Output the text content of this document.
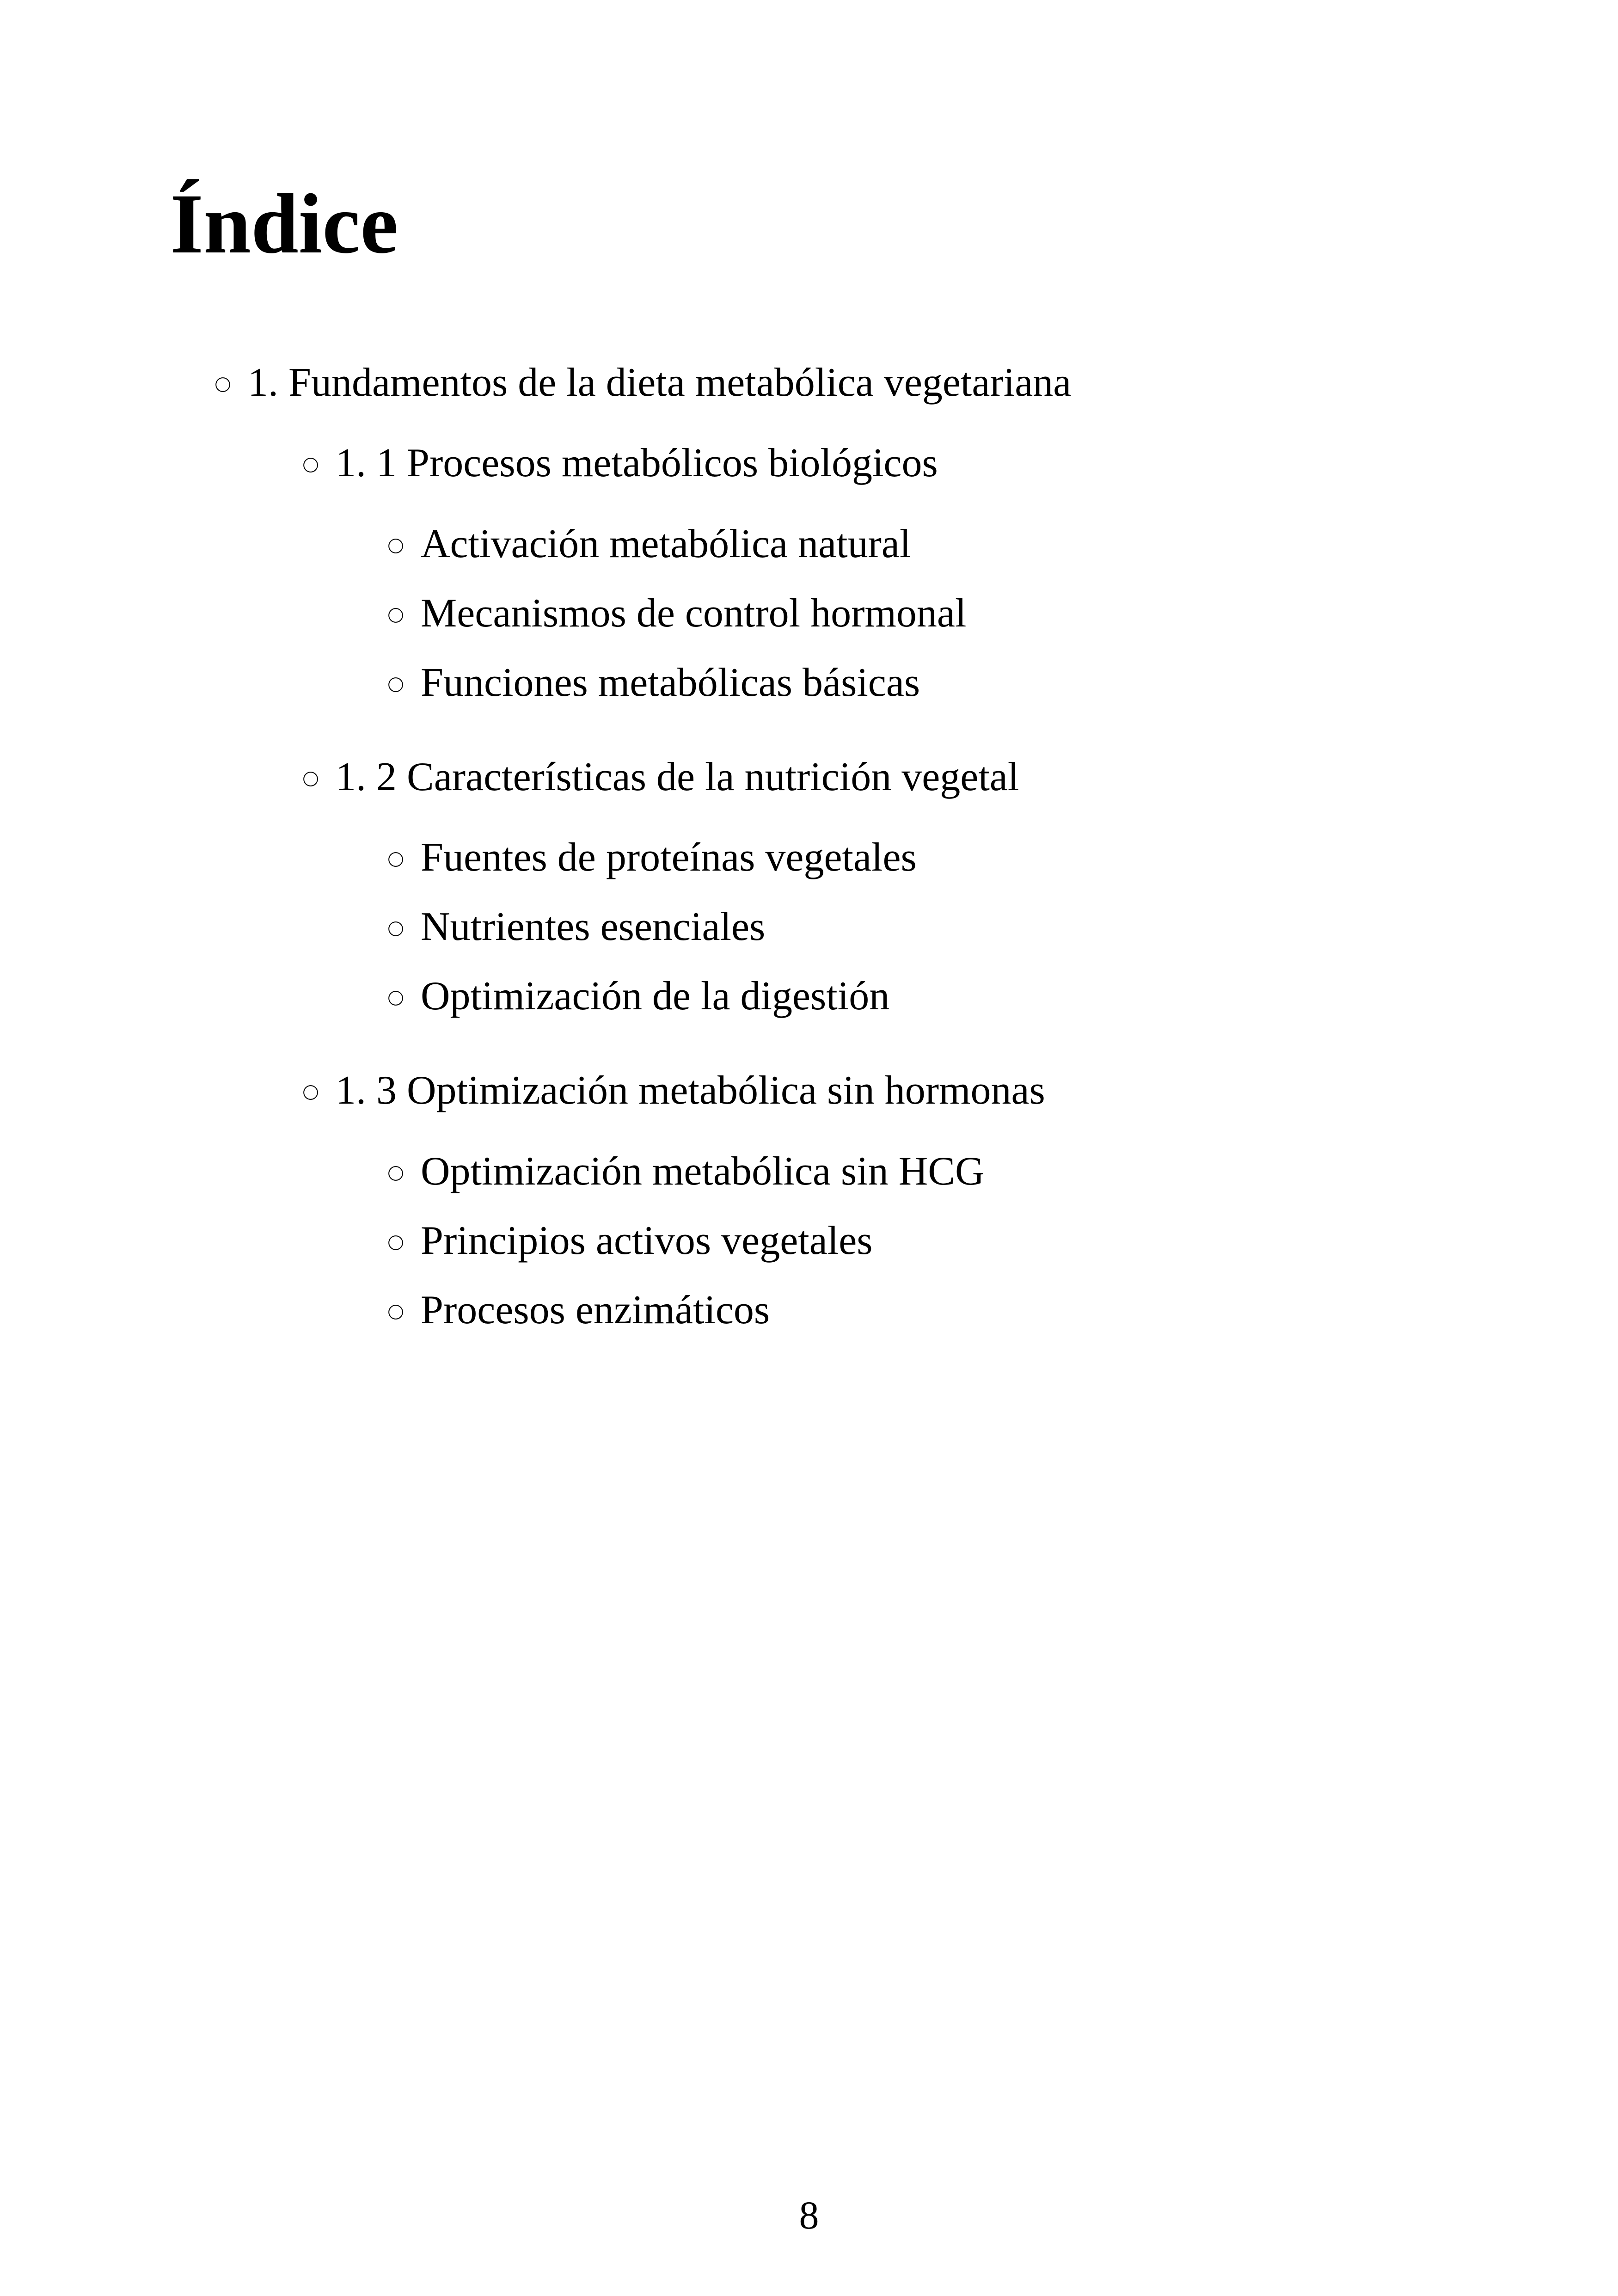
Índice
1. Fundamentos de la dieta metabólica vegetariana
1. 1 Procesos metabólicos biológicos
Activación metabólica natural
Mecanismos de control hormonal
Funciones metabólicas básicas
1. 2 Características de la nutrición vegetal
Fuentes de proteínas vegetales
Nutrientes esenciales
Optimización de la digestión
1. 3 Optimización metabólica sin hormonas
Optimización metabólica sin HCG
Principios activos vegetales
Procesos enzimáticos
8
